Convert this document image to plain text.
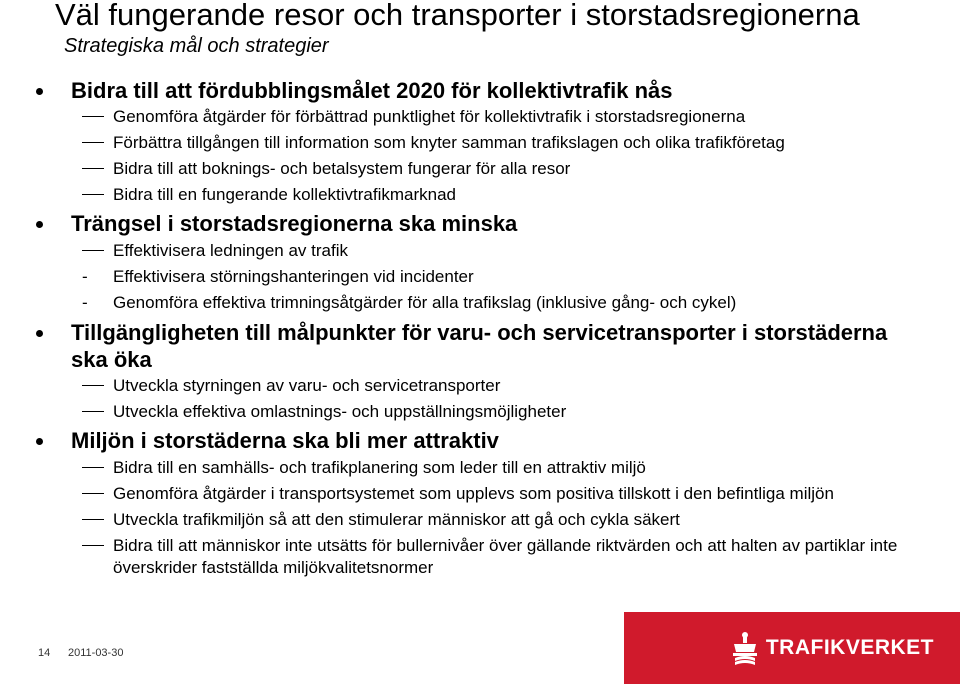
Väl fungerande resor och transporter i storstadsregionerna
Strategiska mål och strategier
Bidra till att fördubblingsmålet 2020 för kollektivtrafik nås
Genomföra åtgärder för förbättrad punktlighet för kollektivtrafik i storstadsregionerna
Förbättra tillgången till information som knyter samman trafikslagen och olika trafikföretag
Bidra till att boknings- och betalsystem fungerar för alla resor
Bidra till en fungerande kollektivtrafikmarknad
Trängsel i storstadsregionerna ska minska
Effektivisera ledningen av trafik
- Effektivisera störningshanteringen vid incidenter
- Genomföra effektiva trimningsåtgärder för alla trafikslag (inklusive gång- och cykel)
Tillgängligheten till målpunkter för varu- och servicetransporter i storstäderna ska öka
Utveckla styrningen av varu- och servicetransporter
Utveckla effektiva omlastnings- och uppställningsmöjligheter
Miljön i storstäderna ska bli mer attraktiv
Bidra till en samhälls- och trafikplanering som leder till en attraktiv miljö
Genomföra åtgärder i transportsystemet som upplevs som positiva tillskott i den befintliga miljön
Utveckla trafikmiljön så att den stimulerar människor att gå och cykla säkert
Bidra till att människor inte utsätts för bullernivåer över gällande riktvärden och att halten av partiklar inte överskrider fastställda miljökvalitetsnormer
14 2011-03-30	TRAFIKVERKET
